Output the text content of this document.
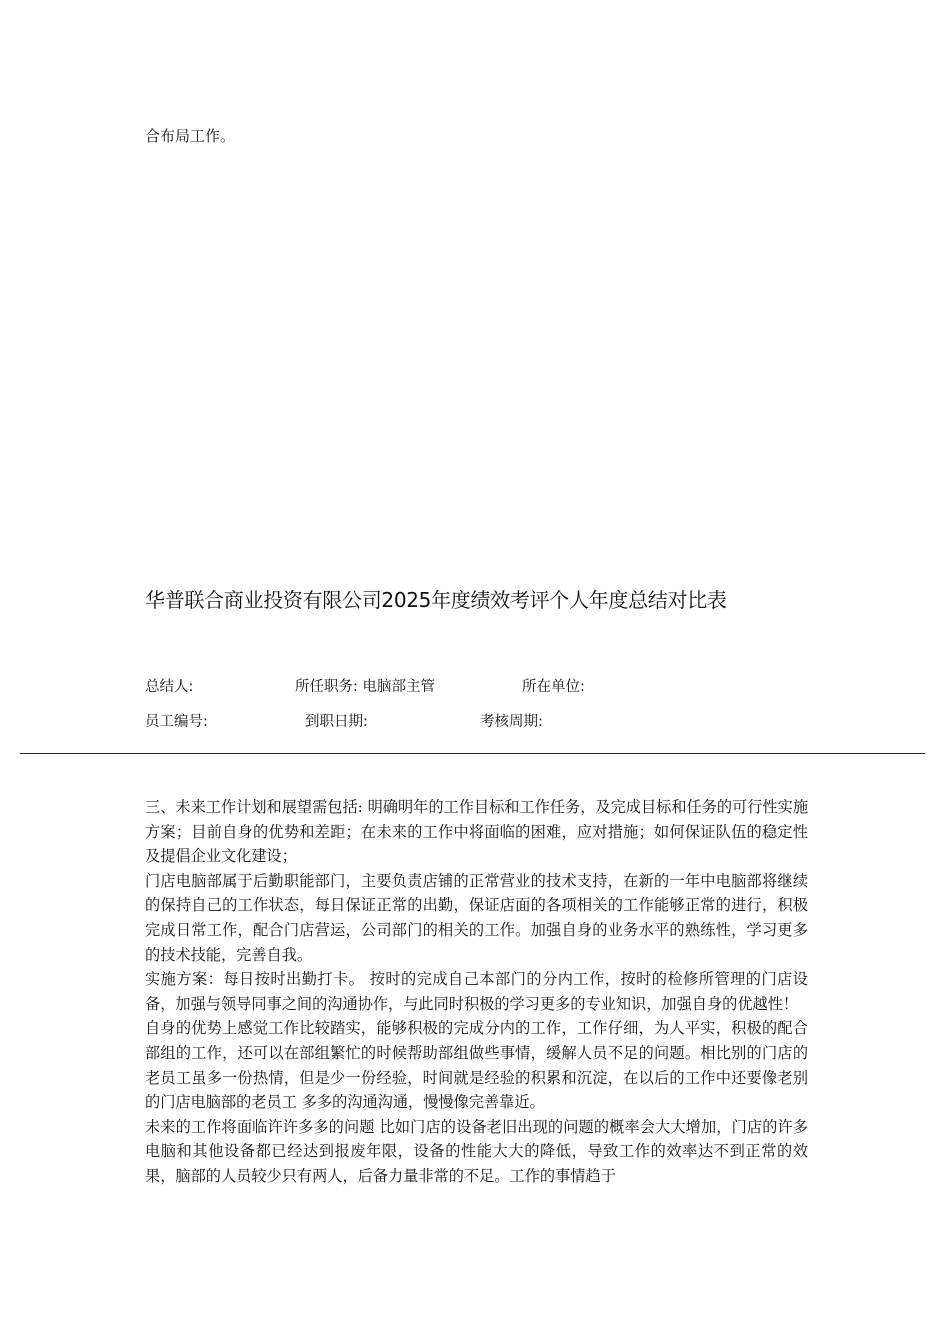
合布局工作。
华普联合商业投资有限公司2025年度绩效考评个人年度总结对比表
总结人:	所任职务: 电脑部主管	所在单位:
员工编号:	到职日期:	考核周期:

三、未来工作计划和展望需包括: 明确明年的工作目标和工作任务，及完成目标和任务的可行性实施方案；目前自身的优势和差距；在未来的工作中将面临的困难，应对措施；如何保证队伍的稳定性及提倡企业文化建设；

门店电脑部属于后勤职能部门，主要负责店铺的正常营业的技术支持，在新的一年中电脑部将继续的保持自己的工作状态，每日保证正常的出勤，保证店面的各项相关的工作能够正常的进行，积极完成日常工作，配合门店营运，公司部门的相关的工作。加强自身的业务水平的熟练性，学习更多的技术技能，完善自我。

实施方案：每日按时出勤打卡。 按时的完成自己本部门的分内工作，按时的检修所管理的门店设备，加强与领导同事之间的沟通协作，与此同时积极的学习更多的专业知识，加强自身的优越性！

自身的优势上感觉工作比较踏实，能够积极的完成分内的工作，工作仔细，为人平实，积极的配合部组的工作，还可以在部组繁忙的时候帮助部组做些事情，缓解人员不足的问题。相比别的门店的老员工虽多一份热情，但是少一份经验，时间就是经验的积累和沉淀，在以后的工作中还要像老别的门店电脑部的老员工 多多的沟通沟通，慢慢像完善靠近。

未来的工作将面临许许多多的问题 比如门店的设备老旧出现的问题的概率会大大增加，门店的许多电脑和其他设备都已经达到报废年限，设备的性能大大的降低，导致工作的效率达不到正常的效果，脑部的人员较少只有两人，后备力量非常的不足。工作的事情趋于
